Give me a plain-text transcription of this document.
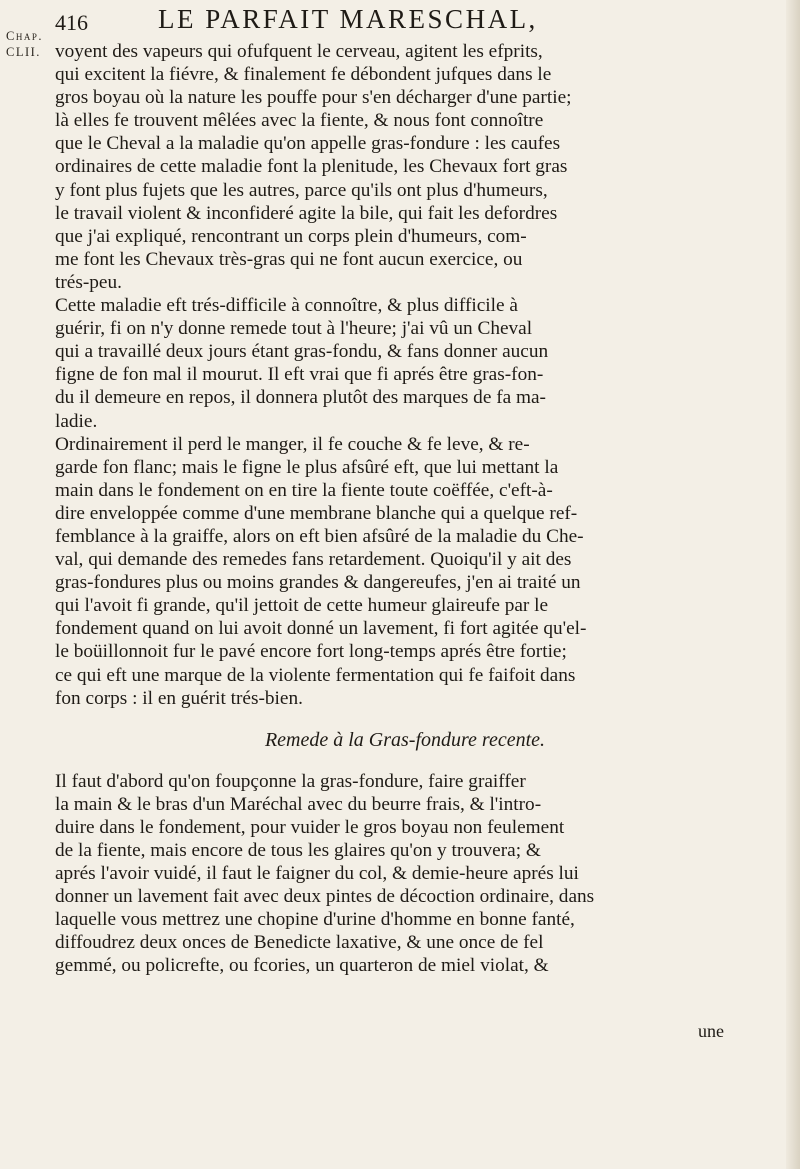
Chap.
CLII.
416	LE PARFAIT MARESCHAL,
voyent des vapeurs qui ofufquent le cerveau, agitent les efprits,
qui excitent la fiévre, & finalement fe débondent jufques dans le
gros boyau où la nature les pouffe pour s'en décharger d'une partie;
là elles fe trouvent mêlées avec la fiente, & nous font connoître
que le Cheval a la maladie qu'on appelle gras-fondure : les caufes
ordinaires de cette maladie font la plenitude, les Chevaux fort gras
y font plus fujets que les autres, parce qu'ils ont plus d'humeurs,
le travail violent & inconfideré agite la bile, qui fait les defordres
que j'ai expliqué, rencontrant un corps plein d'humeurs, com-
me font les Chevaux très-gras qui ne font aucun exercice, ou
trés-peu.
Cette maladie eft trés-difficile à connoître, & plus difficile à
guérir, fi on n'y donne remede tout à l'heure; j'ai vû un Cheval
qui a travaillé deux jours étant gras-fondu, & fans donner aucun
figne de fon mal il mourut. Il eft vrai que fi aprés être gras-fon-
du il demeure en repos, il donnera plutôt des marques de fa ma-
ladie.
Ordinairement il perd le manger, il fe couche & fe leve, & re-
garde fon flanc; mais le figne le plus afsûré eft, que lui mettant la
main dans le fondement on en tire la fiente toute coëffée, c'eft-à-
dire enveloppée comme d'une membrane blanche qui a quelque ref-
femblance à la graiffe, alors on eft bien afsûré de la maladie du Che-
val, qui demande des remedes fans retardement. Quoiqu'il y ait des
gras-fondures plus ou moins grandes & dangereufes, j'en ai traité un
qui l'avoit fi grande, qu'il jettoit de cette humeur glaireufe par le
fondement quand on lui avoit donné un lavement, fi fort agitée qu'el-
le boüillonnoit fur le pavé encore fort long-temps aprés être fortie;
ce qui eft une marque de la violente fermentation qui fe faifoit dans
fon corps : il en guérit trés-bien.
Remede à la Gras-fondure recente.
Il faut d'abord qu'on foupçonne la gras-fondure, faire graiffer
la main & le bras d'un Maréchal avec du beurre frais, & l'intro-
duire dans le fondement, pour vuider le gros boyau non feulement
de la fiente, mais encore de tous les glaires qu'on y trouvera; &
aprés l'avoir vuidé, il faut le faigner du col, & demie-heure aprés lui
donner un lavement fait avec deux pintes de décoction ordinaire, dans
laquelle vous mettrez une chopine d'urine d'homme en bonne fanté,
diffoudrez deux onces de Benedicte laxative, & une once de fel
gemmé, ou policrefte, ou fcories, un quarteron de miel violat, &
une
